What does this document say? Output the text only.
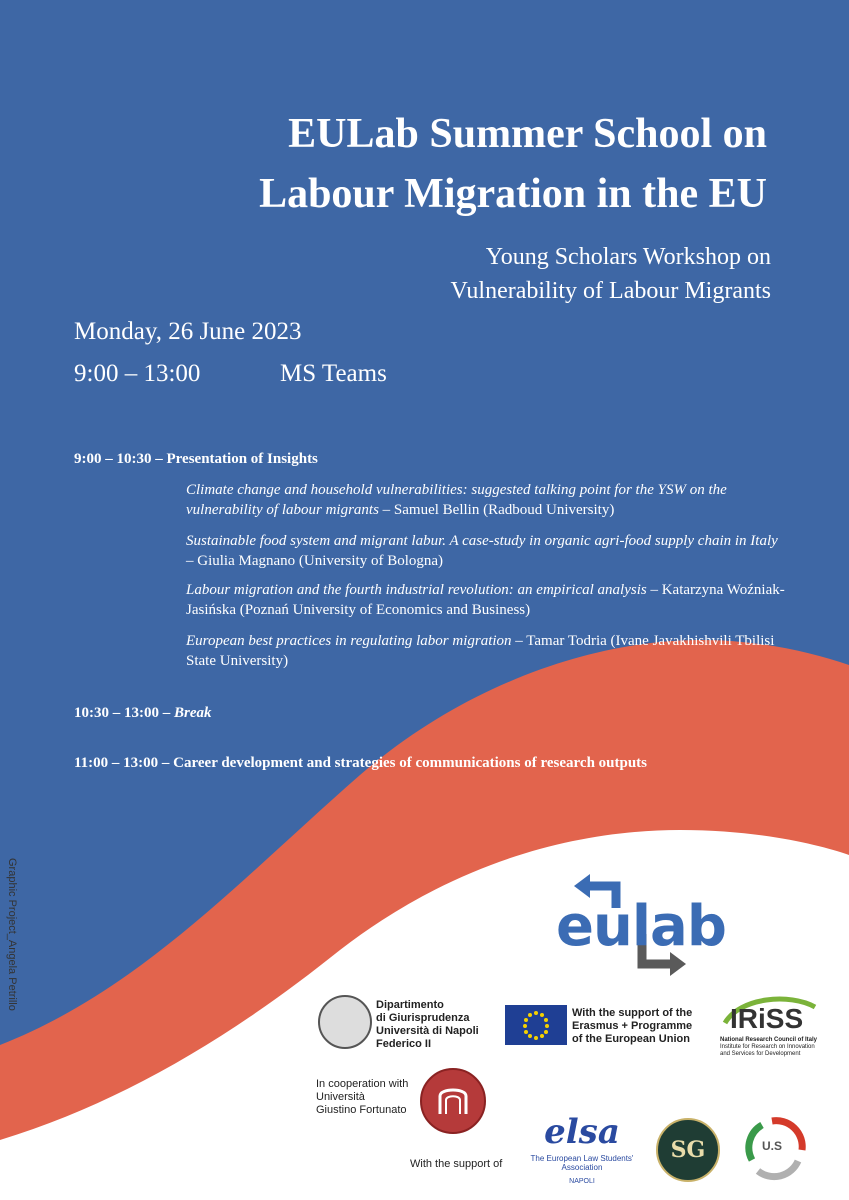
EULab Summer School on
Labour Migration in the EU
Young Scholars Workshop on
Vulnerability of Labour Migrants
Monday, 26 June 2023
9:00 – 13:00	MS Teams
9:00 – 10:30 – Presentation of Insights
Climate change and household vulnerabilities: suggested talking point for the YSW on the vulnerability of labour migrants – Samuel Bellin (Radboud University)
Sustainable food system and migrant labur. A case-study in organic agri-food supply chain in Italy – Giulia Magnano (University of Bologna)
Labour migration and the fourth industrial revolution: an empirical analysis – Katarzyna Woźniak-Jasińska (Poznań University of Economics and Business)
European best practices in regulating labor migration – Tamar Todria (Ivane Javakhishvili Tbilisi State University)
10:30 – 13:00 – Break
11:00 – 13:00 – Career development and strategies of communications of research outputs
Graphic Project_Angela Petrillo	eulab
Dipartimento
di Giurisprudenza
Università di Napoli
Federico II
With the support of the
Erasmus + Programme
of the European Union
IRiSS
National Research Council of Italy
Institute for Research on Innovation
and Services for Development
In cooperation with
Università
Giustino Fortunato
With the support of
elsa
The European Law Students' Association
NAPOLI
SG	U.S
